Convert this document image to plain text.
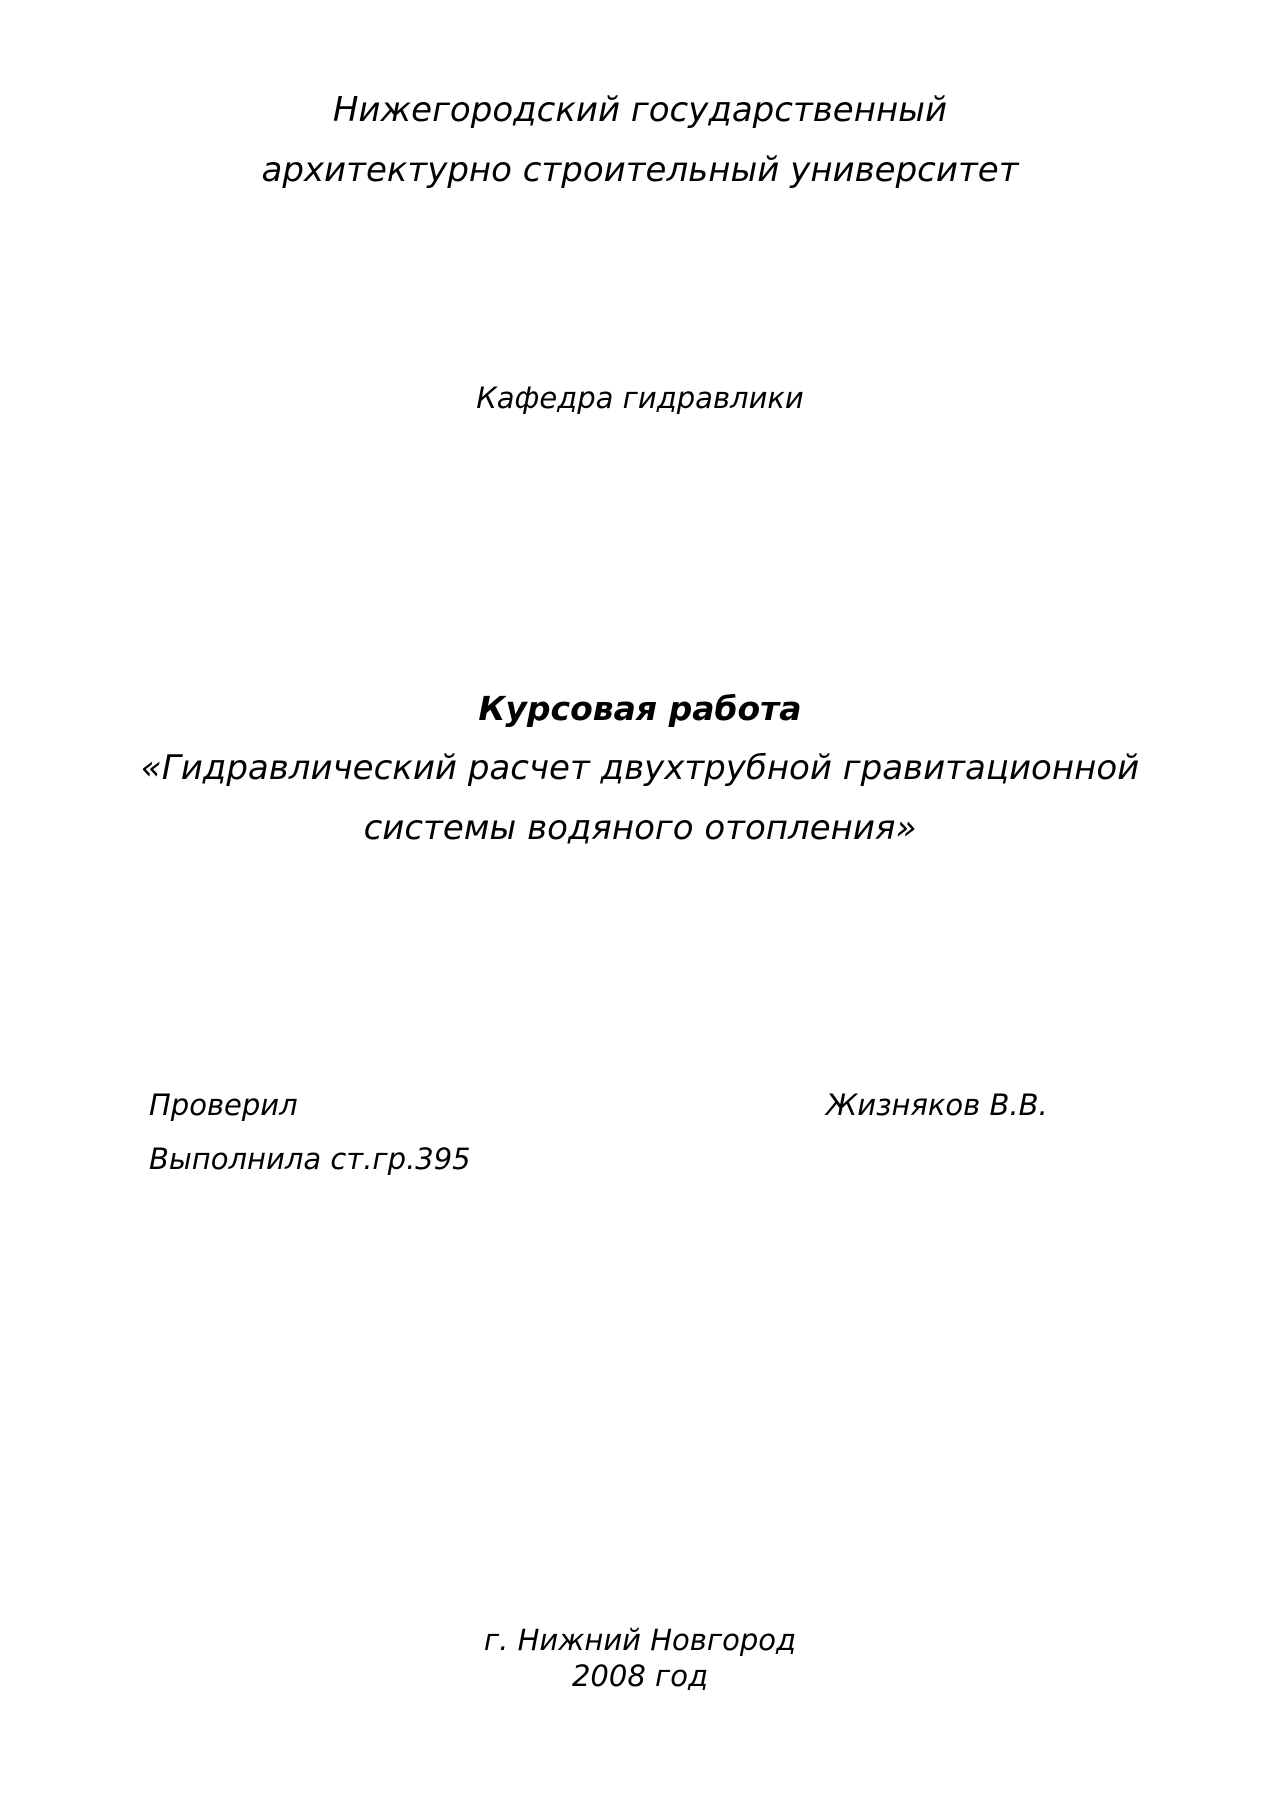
Нижегородский государственный
архитектурно строительный университет
Кафедра гидравлики
Курсовая работа
«Гидравлический расчет двухтрубной гравитационной
системы водяного отопления»
Проверил	Жизняков В.В.
Выполнила ст.гр.395
г. Нижний Новгород
2008 год
